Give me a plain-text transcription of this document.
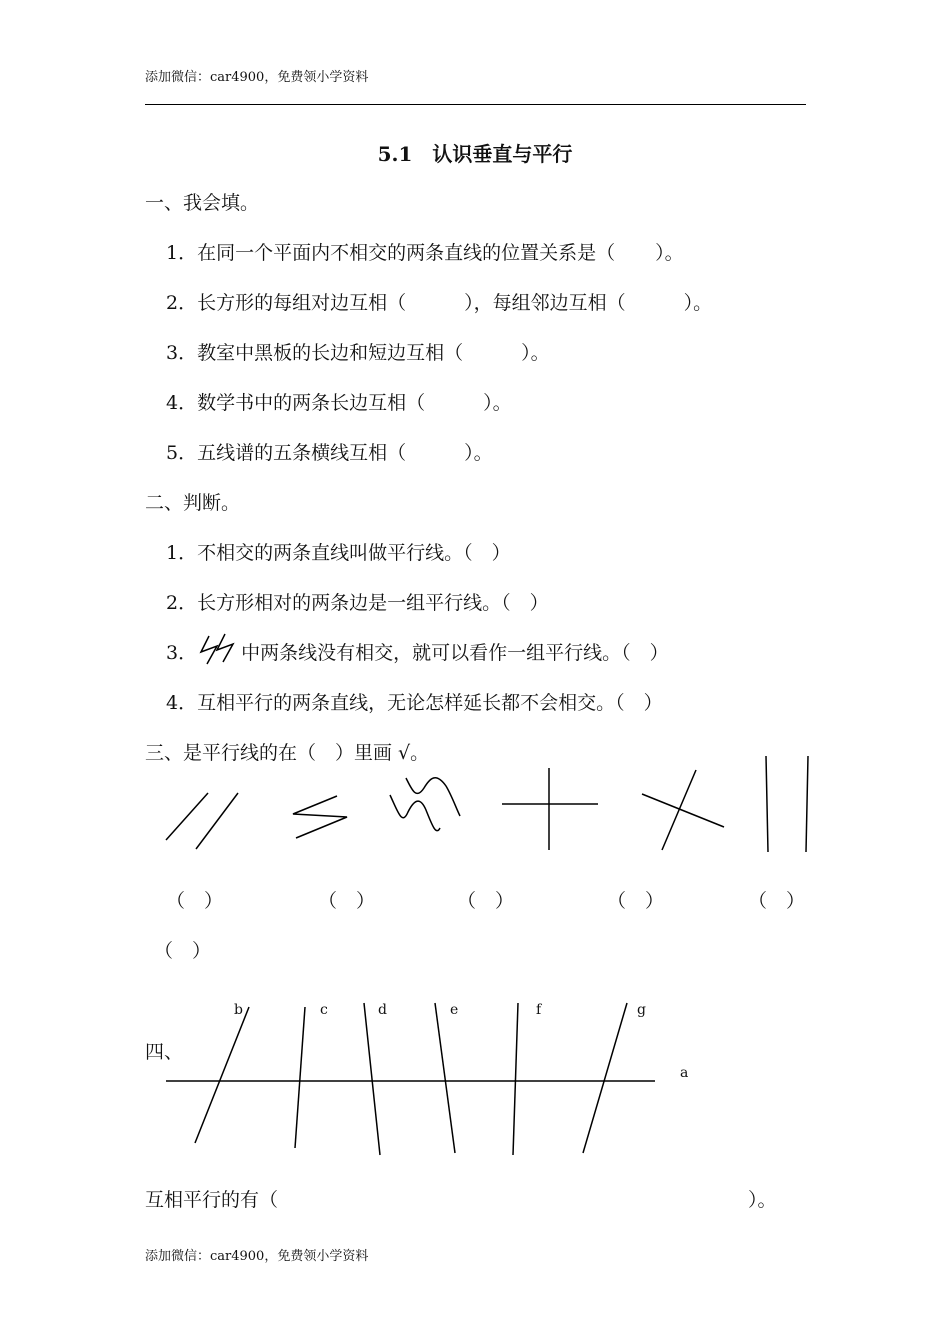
添加微信：car4900，免费领小学资料
5.1　认识垂直与平行
一、我会填。
1．在同一个平面内不相交的两条直线的位置关系是（ ）。
2．长方形的每组对边互相（	），每组邻边互相（	）。
3．教室中黑板的长边和短边互相（	）。
4．数学书中的两条长边互相（	）。
5．五线谱的五条横线互相（	）。
二、判断。
1．不相交的两条直线叫做平行线。（　）
2．长方形相对的两条边是一组平行线。（　）
3． 中两条线没有相交，就可以看作一组平行线。（　）
4．互相平行的两条直线，无论怎样延长都不会相交。（　）
三、是平行线的在（　）里画 √。
（　）	（　）	（　）	（　）	（　）
（　）
四、
b	c	d	e	f	g
a
互相平行的有（	）。
添加微信：car4900，免费领小学资料
